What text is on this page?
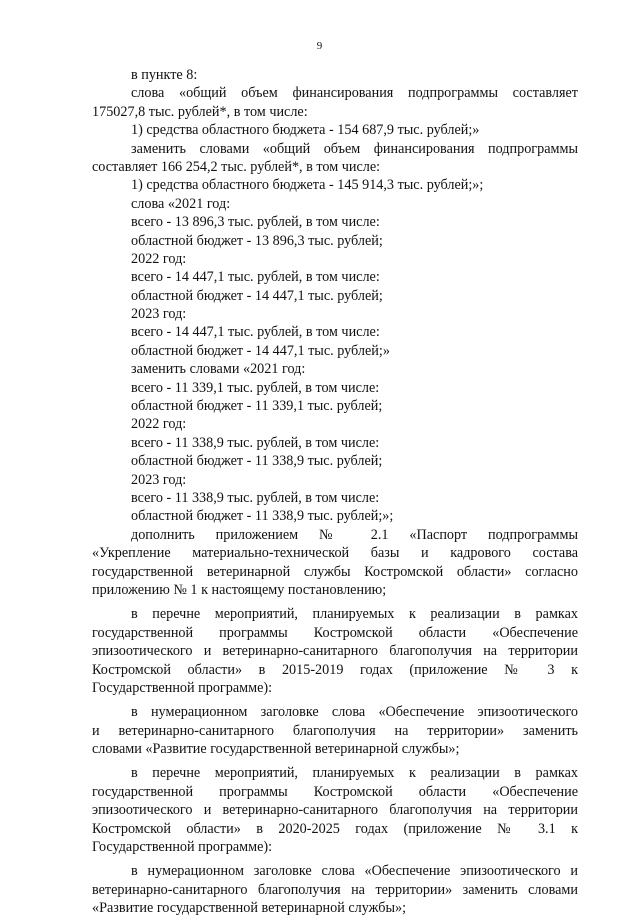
9
в пункте 8:
слова «общий объем финансирования подпрограммы составляет
175027,8 тыс. рублей*, в том числе:
1) средства областного бюджета - 154 687,9 тыс. рублей;»
заменить словами «общий объем финансирования подпрограммы
составляет 166 254,2 тыс. рублей*, в том числе:
1) средства областного бюджета - 145 914,3 тыс. рублей;»;
слова «2021 год:
всего - 13 896,3 тыс. рублей, в том числе:
областной бюджет - 13 896,3 тыс. рублей;
2022 год:
всего - 14 447,1 тыс. рублей, в том числе:
областной бюджет - 14 447,1 тыс. рублей;
2023 год:
всего - 14 447,1 тыс. рублей, в том числе:
областной бюджет - 14 447,1 тыс. рублей;»
заменить словами «2021 год:
всего - 11 339,1 тыс. рублей, в том числе:
областной бюджет - 11 339,1 тыс. рублей;
2022 год:
всего - 11 338,9 тыс. рублей, в том числе:
областной бюджет - 11 338,9 тыс. рублей;
2023 год:
всего - 11 338,9 тыс. рублей, в том числе:
областной бюджет - 11 338,9 тыс. рублей;»;
дополнить приложением № 2.1 «Паспорт подпрограммы
«Укрепление материально-технической базы и кадрового состава
государственной ветеринарной службы Костромской области» согласно
приложению № 1 к настоящему постановлению;
в перечне мероприятий, планируемых к реализации в рамках
государственной программы Костромской области «Обеспечение
эпизоотического и ветеринарно-санитарного благополучия на территории
Костромской области» в 2015-2019 годах (приложение № 3 к
Государственной программе):
в нумерационном заголовке слова «Обеспечение эпизоотического
и ветеринарно-санитарного благополучия на территории» заменить
словами «Развитие государственной ветеринарной службы»;
в перечне мероприятий, планируемых к реализации в рамках
государственной программы Костромской области «Обеспечение
эпизоотического и ветеринарно-санитарного благополучия на территории
Костромской области» в 2020-2025 годах (приложение № 3.1 к
Государственной программе):
в нумерационном заголовке слова «Обеспечение эпизоотического и
ветеринарно-санитарного благополучия на территории» заменить словами
«Развитие государственной ветеринарной службы»;
